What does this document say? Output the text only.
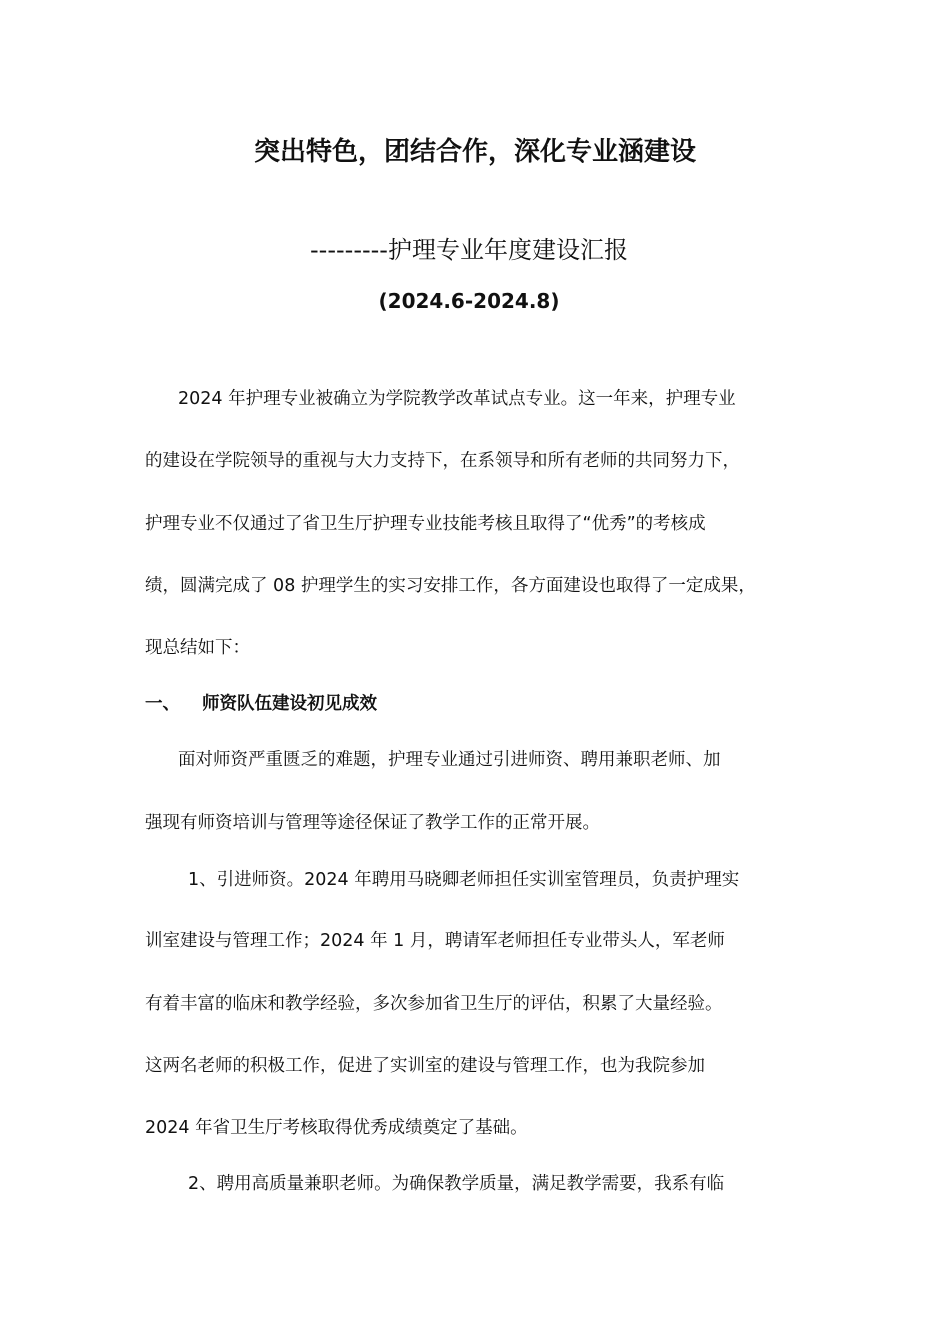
突出特色，团结合作，深化专业涵建设
---------护理专业年度建设汇报
(2024.6-2024.8)
2024 年护理专业被确立为学院教学改革试点专业。这一年来，护理专业
的建设在学院领导的重视与大力支持下，在系领导和所有老师的共同努力下，
护理专业不仅通过了省卫生厅护理专业技能考核且取得了“优秀”的考核成
绩，圆满完成了 08 护理学生的实习安排工作，各方面建设也取得了一定成果，
现总结如下：
一、 师资队伍建设初见成效
面对师资严重匮乏的难题，护理专业通过引进师资、聘用兼职老师、加
强现有师资培训与管理等途径保证了教学工作的正常开展。
1、引进师资。2024 年聘用马晓卿老师担任实训室管理员，负责护理实
训室建设与管理工作；2024 年 1 月，聘请军老师担任专业带头人，军老师
有着丰富的临床和教学经验，多次参加省卫生厅的评估，积累了大量经验。
这两名老师的积极工作，促进了实训室的建设与管理工作，也为我院参加
2024 年省卫生厅考核取得优秀成绩奠定了基础。
2、聘用高质量兼职老师。为确保教学质量，满足教学需要，我系有临
